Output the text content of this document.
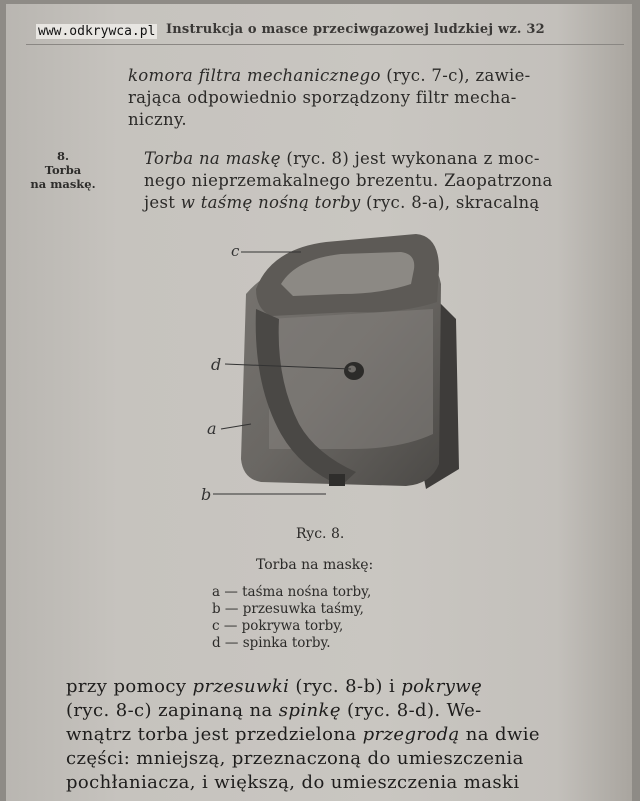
www.odkrywca.pl Instrukcja o masce przeciwgazowej ludzkiej wz. 32
komora filtra mechanicznego (ryc. 7-c), zawie-
rająca odpowiednio sporządzony filtr mecha-
niczny.
8.
Torba
na maskę.
Torba na maskę (ryc. 8) jest wykonana z moc-
nego nieprzemakalnego brezentu. Zaopatrzona
jest w taśmę nośną torby (ryc. 8-a), skracalną
c
d
a
b
Ryc. 8.
Torba na maskę:
a — taśma nośna torby,
b — przesuwka taśmy,
c — pokrywa torby,
d — spinka torby.
przy pomocy przesuwki (ryc. 8-b) i pokrywę
(ryc. 8-c) zapinaną na spinkę (ryc. 8-d). We-
wnątrz torba jest przedzielona przegrodą na dwie
części: mniejszą, przeznaczoną do umieszczenia
pochłaniacza, i większą, do umieszczenia maski
